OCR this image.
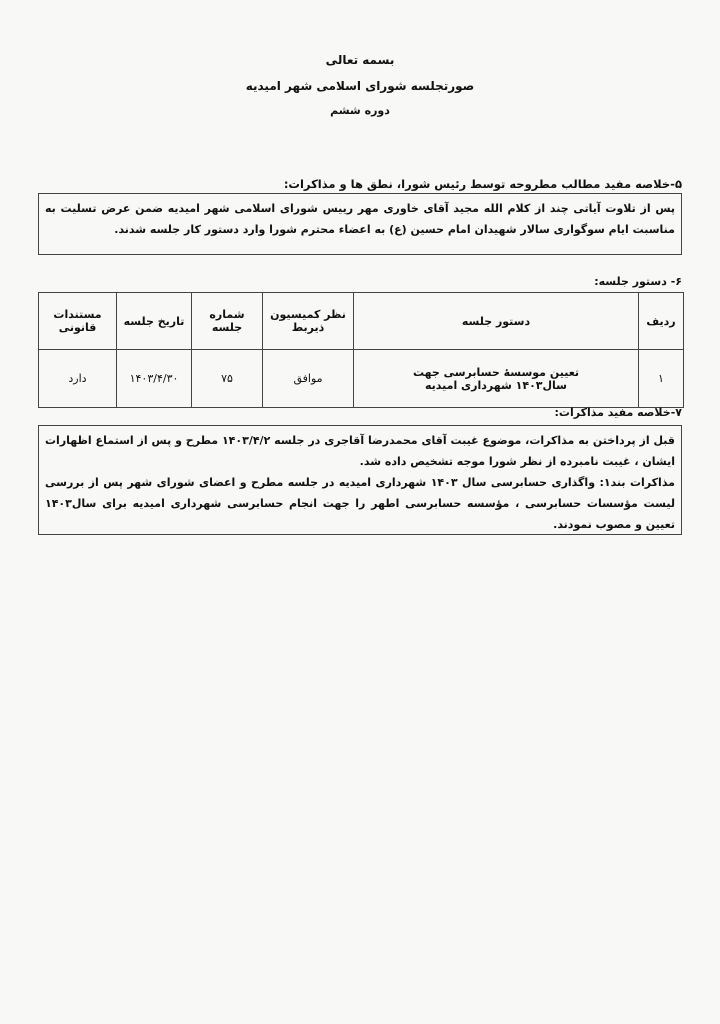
بسمه تعالی
صورتجلسه شورای اسلامی شهر امیدیه
دوره ششم
۵-خلاصه مفید مطالب مطروحه توسط رئیس شورا، نطق ها و مذاکرات:
پس از تلاوت آیاتی چند از کلام الله مجید آقای خاوری مهر ریيس شورای اسلامی شهر امیدیه ضمن عرض تسلیت به مناسبت ایام سوگواری سالار شهیدان امام حسین (ع) به اعضاء محترم شورا وارد دستور کار جلسه شدند.
۶- دستور جلسه:
ردیف	دستور جلسه	نظر کمیسیون ذیربط	شماره جلسه	تاریخ جلسه	مستندات قانونی
۱	تعیین موسسهٔ حسابرسی جهت سال۱۴۰۳ شهرداری امیدیه	موافق	۷۵	۱۴۰۳/۴/۳۰	دارد
۷-خلاصه مفید مذاکرات:
قبل از پرداختن به مذاکرات، موضوع غیبت آقای محمدرضا آقاجری در جلسه ۱۴۰۳/۴/۲ مطرح و پس از استماع اظهارات ایشان ، غیبت نامبرده از نظر شورا موجه تشخیص داده شد.
مذاکرات بند۱: واگذاری حسابرسی سال ۱۴۰۳ شهرداری امیدیه در جلسه مطرح و اعضای شورای شهر پس از بررسی لیست مؤسسات حسابرسی ، مؤسسه حسابرسی اطهر را جهت انجام حسابرسی شهرداری امیدیه برای سال۱۴۰۳ تعیین و مصوب نمودند.
